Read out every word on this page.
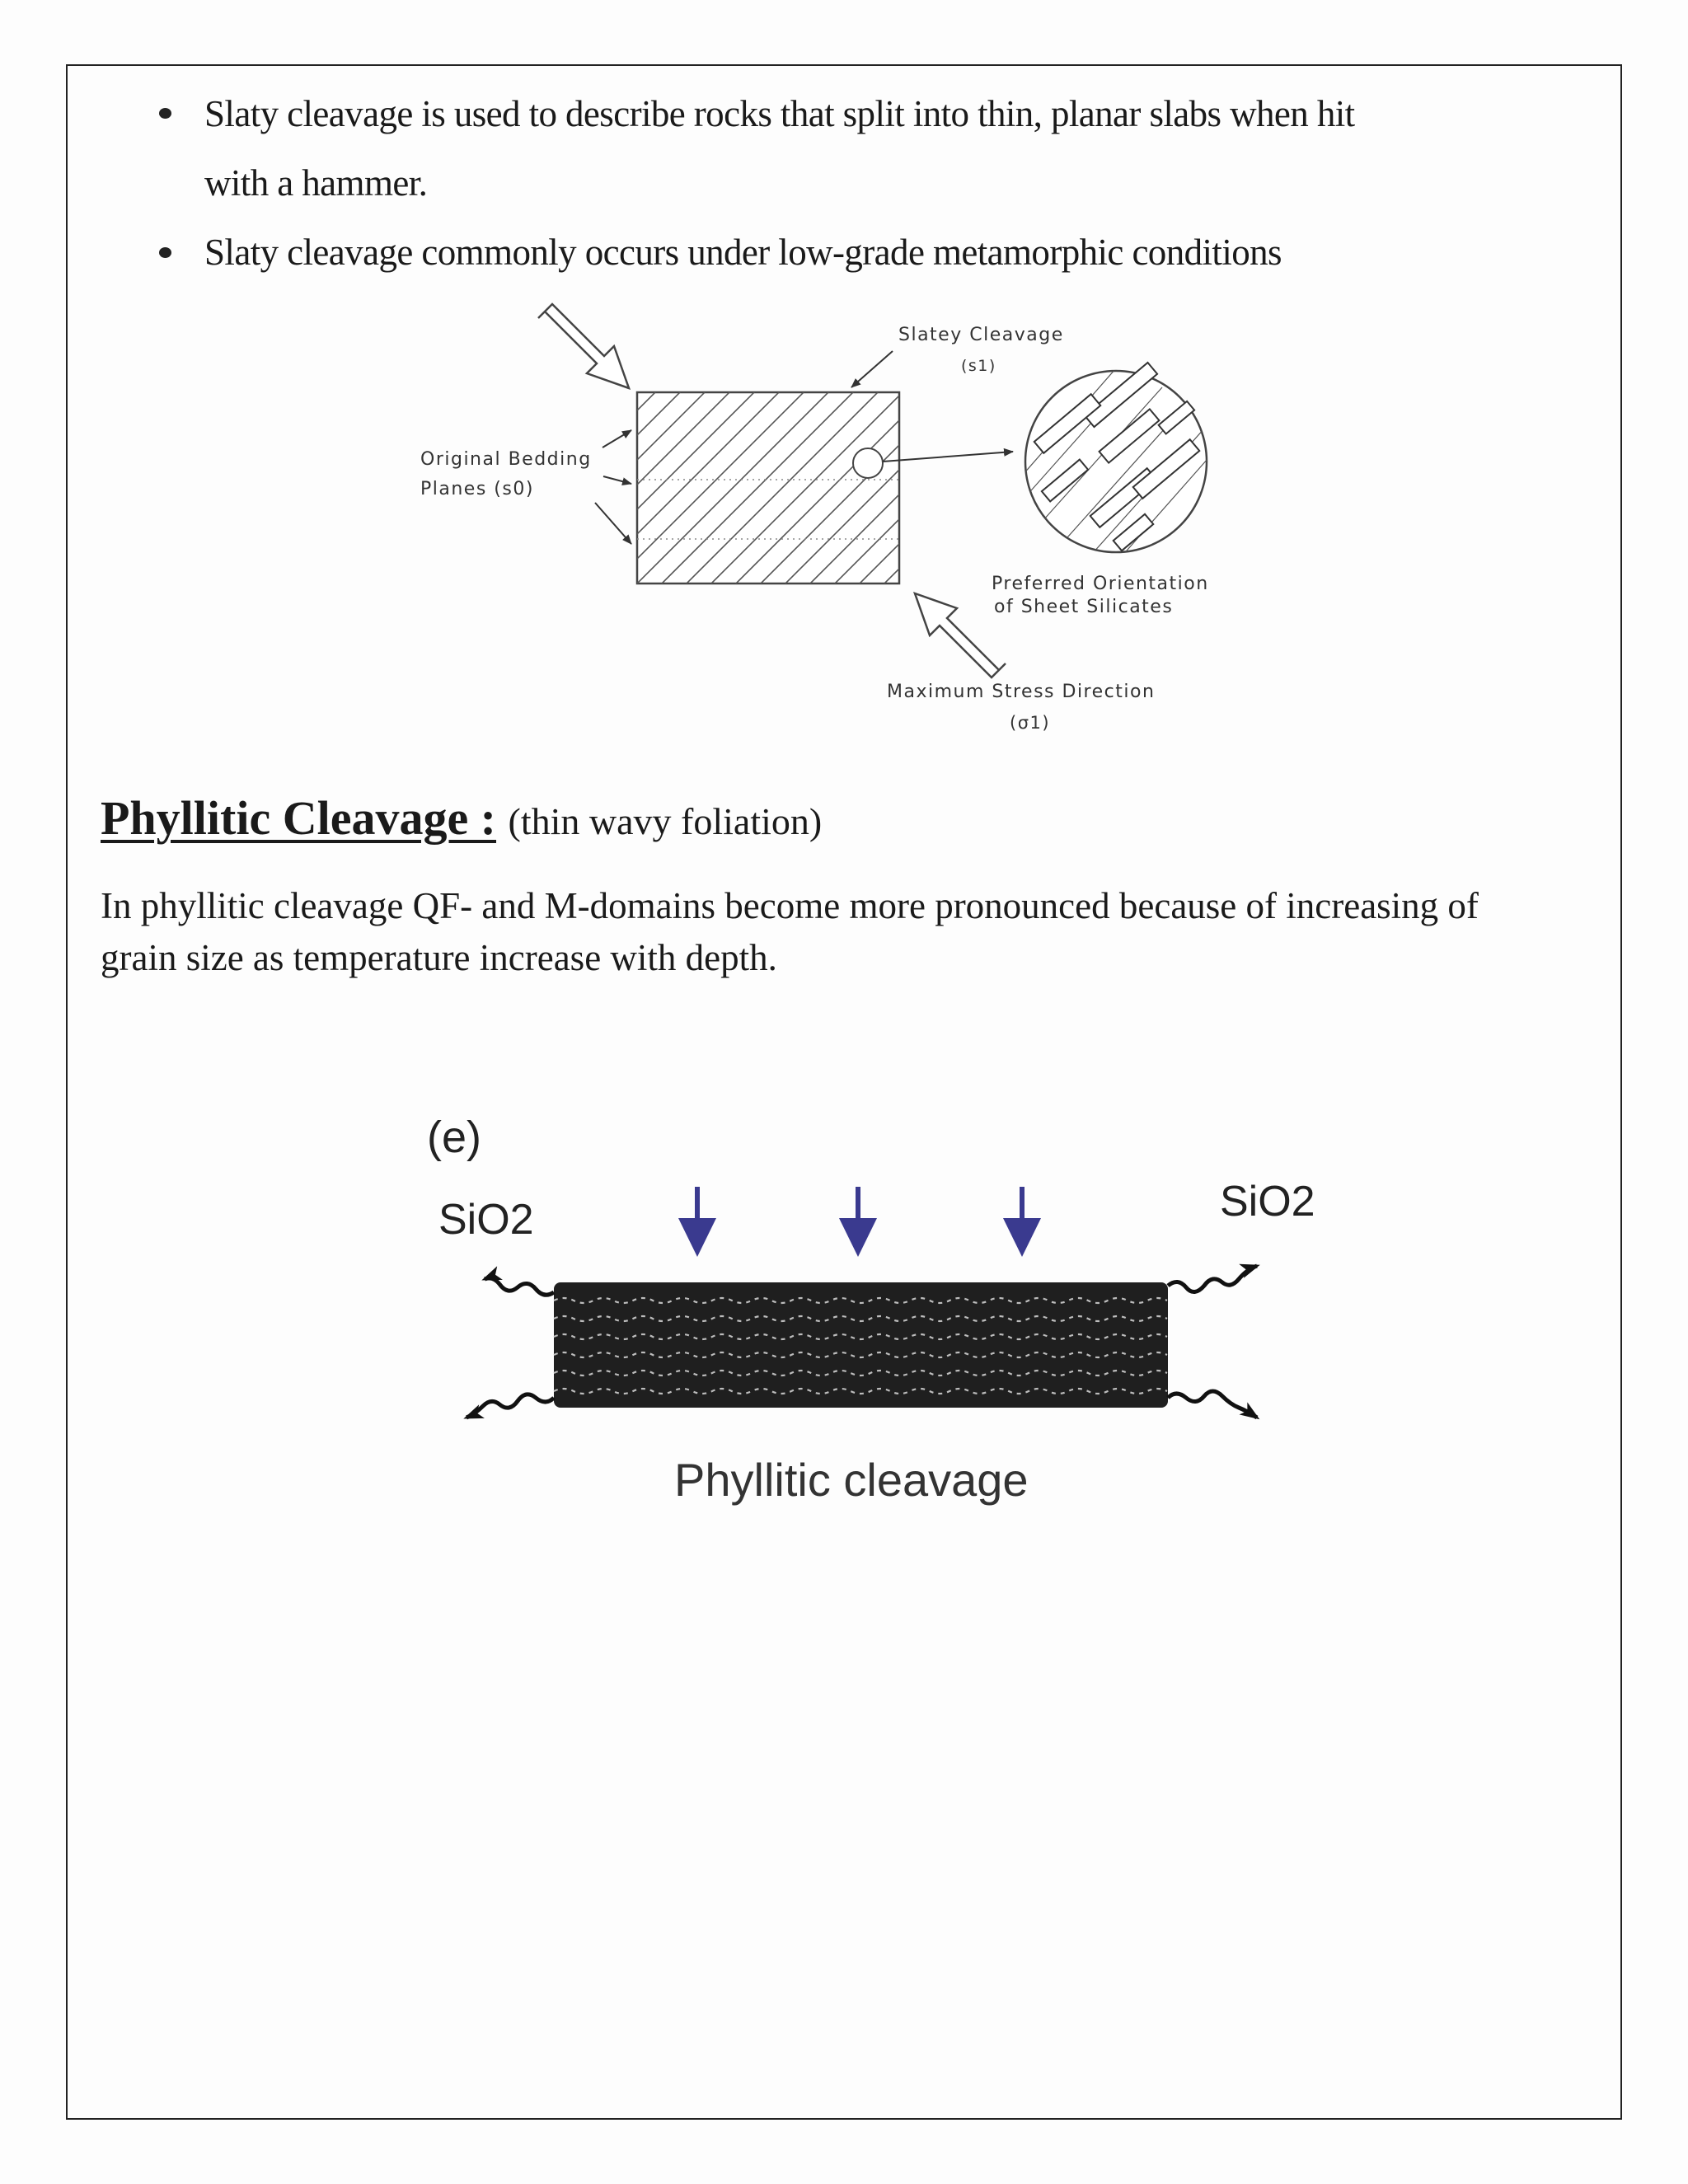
Slaty cleavage is used to describe rocks that split into thin, planar slabs when hit
with a hammer.
Slaty cleavage commonly occurs under low-grade metamorphic conditions
Slatey Cleavage
(s1)
Original Bedding
Planes (s0)
Preferred Orientation
of Sheet Silicates
Maximum Stress Direction
(σ1)
Phyllitic Cleavage : (thin wavy foliation)
In phyllitic cleavage QF- and M-domains become more pronounced because of increasing of grain size as temperature increase with depth.
(e)
SiO2	SiO2
Phyllitic cleavage
